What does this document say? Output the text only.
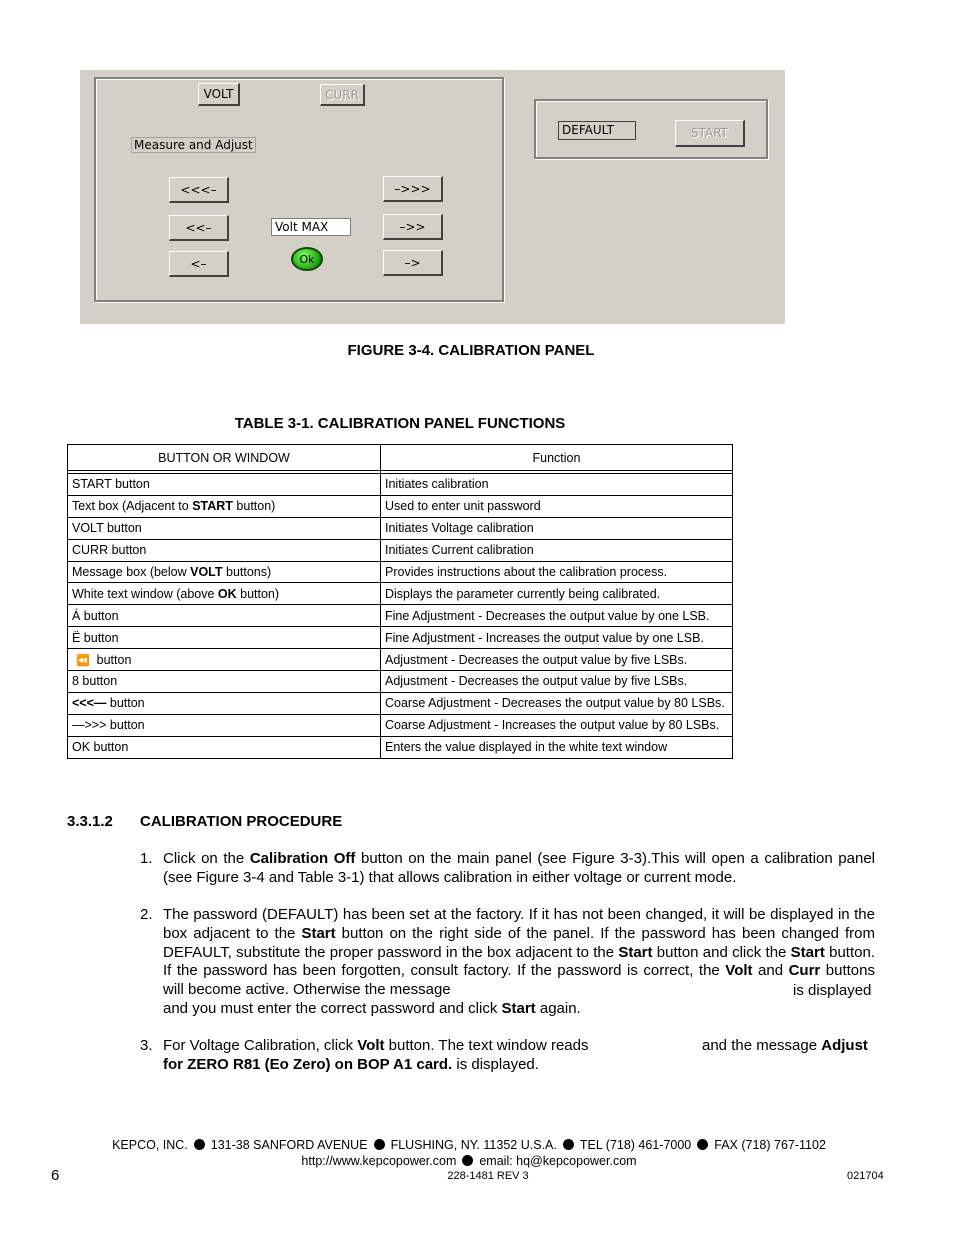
VOLT	CURR
Measure and Adjust
<<<–
<<–
<–
–>>>
–>>
–>
Volt MAX
Ok
DEFAULT	START
FIGURE 3-4. CALIBRATION PANEL
TABLE 3-1. CALIBRATION PANEL FUNCTIONS
BUTTON OR WINDOW	Function

START button	Initiates calibration
Text box (Adjacent to START button)	Used to enter unit password
VOLT button	Initiates Voltage calibration
CURR button	Initiates Current calibration
Message box (below VOLT buttons)	Provides instructions about the calibration process.
White text window (above OK button)	Displays the parameter currently being calibrated.
Á button	Fine Adjustment - Decreases the output value by one LSB.
Ë button	Fine Adjustment - Increases the output value by one LSB.
⏪  button	Adjustment - Decreases the output value by five LSBs.
8 button	Adjustment - Decreases the output value by five LSBs.
<<<— button	Coarse Adjustment - Decreases the output value by 80 LSBs.
—>>> button	Coarse Adjustment - Increases the output value by 80 LSBs.
OK button	Enters the value displayed in the white text window
3.3.1.2 CALIBRATION PROCEDURE
1. Click on the Calibration Off button on the main panel (see Figure 3-3).This will open a calibration panel (see Figure 3-4 and Table 3-1) that allows calibration in either voltage or current mode.
2. The password (DEFAULT) has been set at the factory. If it has not been changed, it will be displayed in the box adjacent to the Start button on the right side of the panel. If the password has been changed from DEFAULT, substitute the proper password in the box adjacent to the Start button and click the Start button. If the password has been forgotten, consult factory. If the password is correct, the Volt and Curr buttons will become active. Otherwise the message	is displayed
and you must enter the correct password and click Start again.
3. For Voltage Calibration, click Volt button. The text window reads	and the message Adjust
for ZERO R81 (Eo Zero) on BOP A1 card. is displayed.
KEPCO, INC. 131-38 SANFORD AVENUE FLUSHING, NY. 11352 U.S.A. TEL (718) 461-7000 FAX (718) 767-1102
http://www.kepcopower.com email: hq@kepcopower.com
6	228-1481 REV 3	021704
